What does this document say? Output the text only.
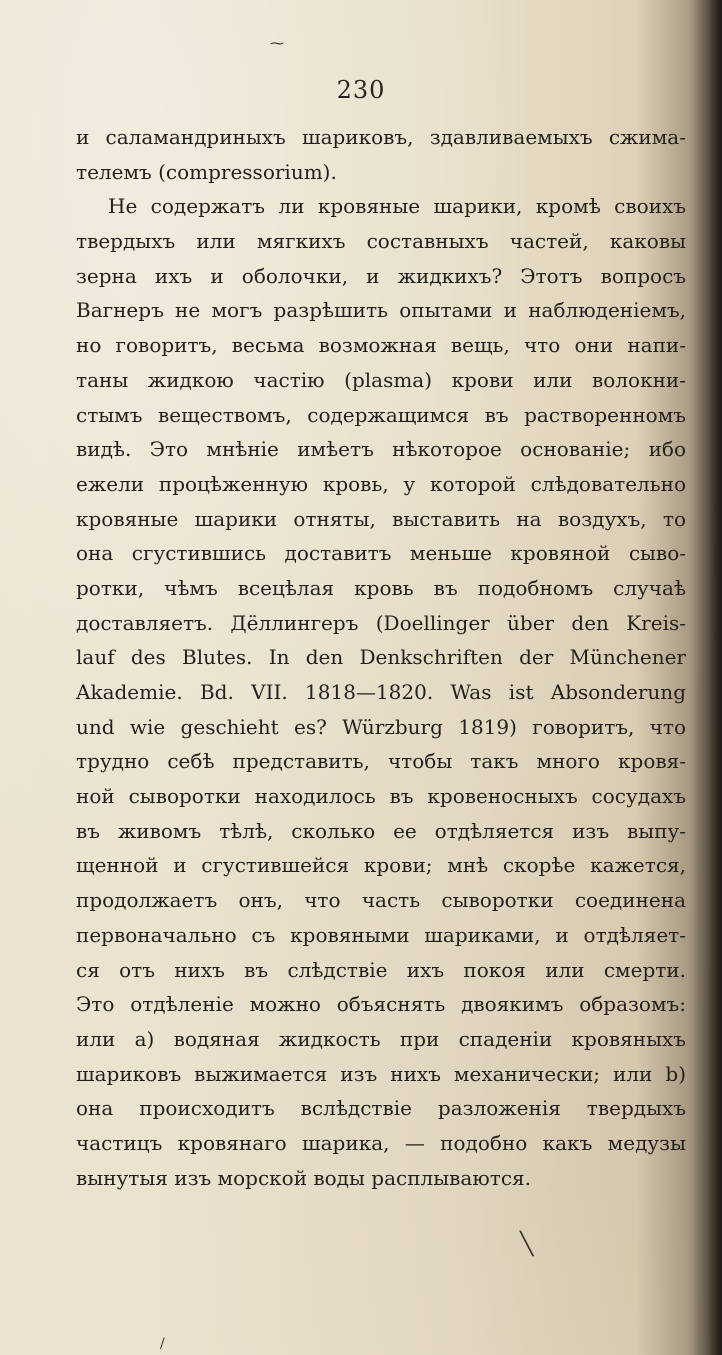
230
и саламандриныхъ шариковъ, здавливаемыхъ сжима-
телемъ (compressorium).
Не содержатъ ли кровяные шарики, кромѣ своихъ
твердыхъ или мягкихъ составныхъ частей, каковы
зерна ихъ и оболочки, и жидкихъ? Этотъ вопросъ
Вагнеръ не могъ разрѣшить опытами и наблюденіемъ,
но говоритъ, весьма возможная вещь, что они напи-
таны жидкою частію (plasma) крови или волокни-
стымъ веществомъ, содержащимся въ растворенномъ
видѣ. Это мнѣніе имѣетъ нѣкоторое основаніе; ибо
ежели процѣженную кровь, у которой слѣдовательно
кровяные шарики отняты, выставить на воздухъ, то
она сгустившись доставитъ меньше кровяной сыво-
ротки, чѣмъ всецѣлая кровь въ подобномъ случаѣ
доставляетъ. Дёллингеръ (Doellinger über den Kreis-
lauf des Blutes. In den Denkschriften der Münchener
Akademie. Bd. VII. 1818—1820. Was ist Absonderung
und wie geschieht es? Würzburg 1819) говоритъ, что
трудно себѣ представить, чтобы такъ много кровя-
ной сыворотки находилось въ кровеносныхъ сосудахъ
въ живомъ тѣлѣ, сколько ее отдѣляется изъ выпу-
щенной и сгустившейся крови; мнѣ скорѣе кажется,
продолжаетъ онъ, что часть сыворотки соединена
первоначально съ кровяными шариками, и отдѣляет-
ся отъ нихъ въ слѣдствіе ихъ покоя или смерти.
Это отдѣленіе можно объяснять двоякимъ образомъ:
или a) водяная жидкость при спаденіи кровяныхъ
шариковъ выжимается изъ нихъ механически; или b)
она происходитъ вслѣдствіе разложенія твердыхъ
частицъ кровянаго шарика, — подобно какъ медузы
вынутыя изъ морской воды расплываются.
⁓
╲
/
